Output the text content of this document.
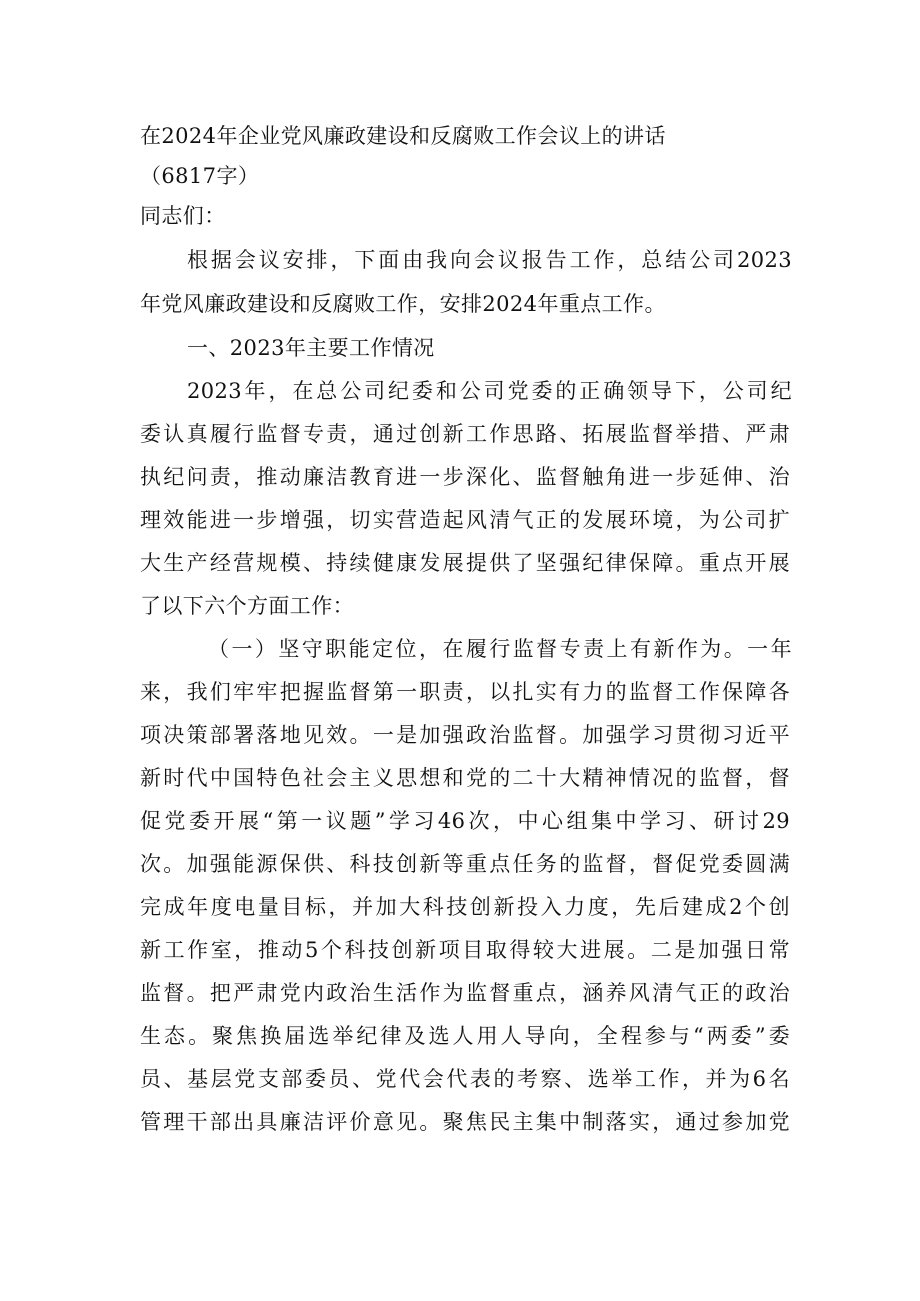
在2024年企业党风廉政建设和反腐败工作会议上的讲话
（6817字）
同志们：
根据会议安排，下面由我向会议报告工作，总结公司2023
年党风廉政建设和反腐败工作，安排2024年重点工作。
一、2023年主要工作情况
2023年，在总公司纪委和公司党委的正确领导下，公司纪
委认真履行监督专责，通过创新工作思路、拓展监督举措、严肃
执纪问责，推动廉洁教育进一步深化、监督触角进一步延伸、治
理效能进一步增强，切实营造起风清气正的发展环境，为公司扩
大生产经营规模、持续健康发展提供了坚强纪律保障。重点开展
了以下六个方面工作：
（一）坚守职能定位，在履行监督专责上有新作为。一年
来，我们牢牢把握监督第一职责，以扎实有力的监督工作保障各
项决策部署落地见效。一是加强政治监督。加强学习贯彻习近平
新时代中国特色社会主义思想和党的二十大精神情况的监督，督
促党委开展“第一议题”学习46次，中心组集中学习、研讨29
次。加强能源保供、科技创新等重点任务的监督，督促党委圆满
完成年度电量目标，并加大科技创新投入力度，先后建成2个创
新工作室，推动5个科技创新项目取得较大进展。二是加强日常
监督。把严肃党内政治生活作为监督重点，涵养风清气正的政治
生态。聚焦换届选举纪律及选人用人导向，全程参与“两委”委
员、基层党支部委员、党代会代表的考察、选举工作，并为6名
管理干部出具廉洁评价意见。聚焦民主集中制落实，通过参加党
